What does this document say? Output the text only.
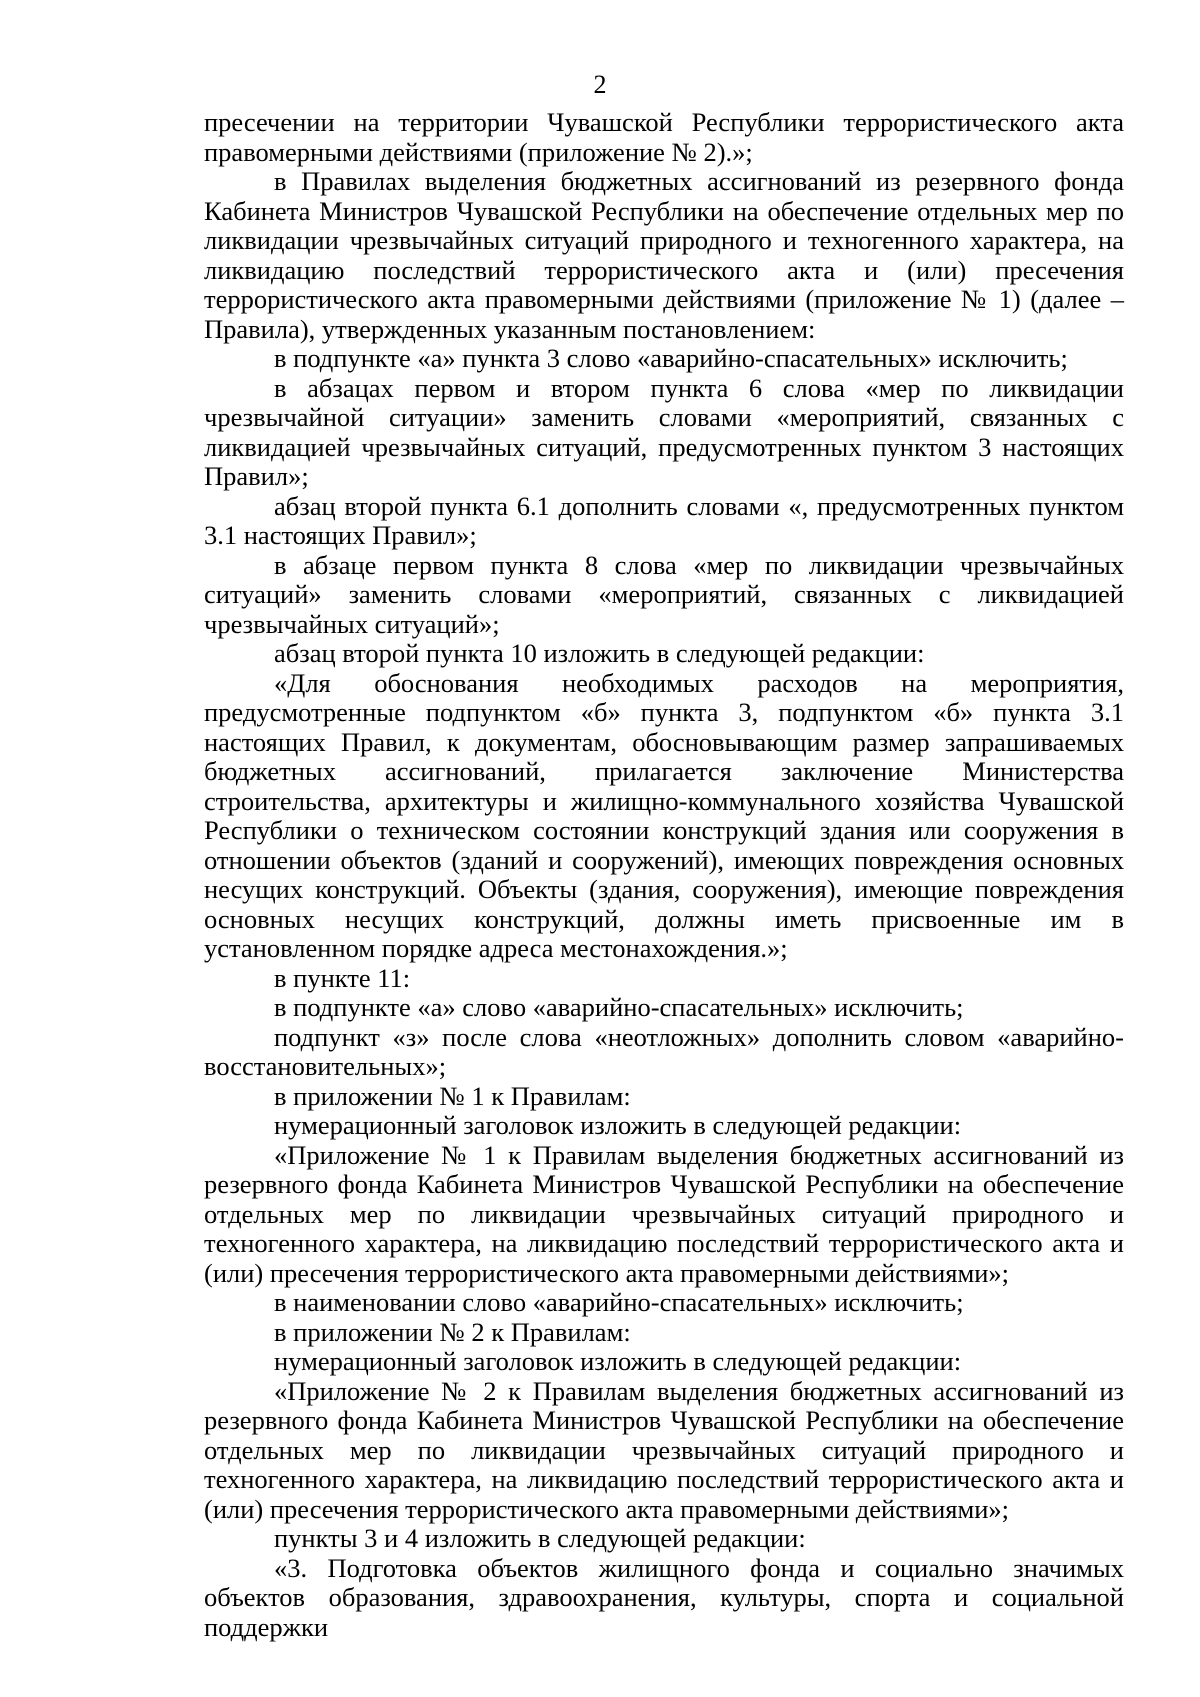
2

пресечении на территории Чувашской Республики террористического акта правомерными действиями (приложение № 2).»;

в Правилах выделения бюджетных ассигнований из резервного фонда Кабинета Министров Чувашской Республики на обеспечение отдельных мер по ликвидации чрезвычайных ситуаций природного и техногенного характера, на ликвидацию последствий террористического акта и (или) пресечения террористического акта правомерными действиями (приложение № 1) (далее – Правила), утвержденных указанным постановлением:

в подпункте «а» пункта 3 слово «аварийно-спасательных» исключить;

в абзацах первом и втором пункта 6 слова «мер по ликвидации чрезвычайной ситуации» заменить словами «мероприятий, связанных с ликвидацией чрезвычайных ситуаций, предусмотренных пунктом 3 настоящих Правил»;

абзац второй пункта 6.1 дополнить словами «, предусмотренных пунктом 3.1 настоящих Правил»;

в абзаце первом пункта 8 слова «мер по ликвидации чрезвычайных ситуаций» заменить словами «мероприятий, связанных с ликвидацией чрезвычайных ситуаций»;

абзац второй пункта 10 изложить в следующей редакции:

«Для обоснования необходимых расходов на мероприятия, предусмотренные подпунктом «б» пункта 3, подпунктом «б» пункта 3.1 настоящих Правил, к документам, обосновывающим размер запрашиваемых бюджетных ассигнований, прилагается заключение Министерства строительства, архитектуры и жилищно-коммунального хозяйства Чувашской Республики о техническом состоянии конструкций здания или сооружения в отношении объектов (зданий и сооружений), имеющих повреждения основных несущих конструкций. Объекты (здания, сооружения), имеющие повреждения основных несущих конструкций, должны иметь присвоенные им в установленном порядке адреса местонахождения.»;

в пункте 11:

в подпункте «а» слово «аварийно-спасательных» исключить;

подпункт «з» после слова «неотложных» дополнить словом «аварийно-восстановительных»;

в приложении № 1 к Правилам:

нумерационный заголовок изложить в следующей редакции:

«Приложение № 1 к Правилам выделения бюджетных ассигнований из резервного фонда Кабинета Министров Чувашской Республики на обеспечение отдельных мер по ликвидации чрезвычайных ситуаций природного и техногенного характера, на ликвидацию последствий террористического акта и (или) пресечения террористического акта правомерными действиями»;

в наименовании слово «аварийно-спасательных» исключить;

в приложении № 2 к Правилам:

нумерационный заголовок изложить в следующей редакции:

«Приложение № 2 к Правилам выделения бюджетных ассигнований из резервного фонда Кабинета Министров Чувашской Республики на обеспечение отдельных мер по ликвидации чрезвычайных ситуаций природного и техногенного характера, на ликвидацию последствий террористического акта и (или) пресечения террористического акта правомерными действиями»;

пункты 3 и 4 изложить в следующей редакции:

«3. Подготовка объектов жилищного фонда и социально значимых объектов образования, здравоохранения, культуры, спорта и социальной поддержки
